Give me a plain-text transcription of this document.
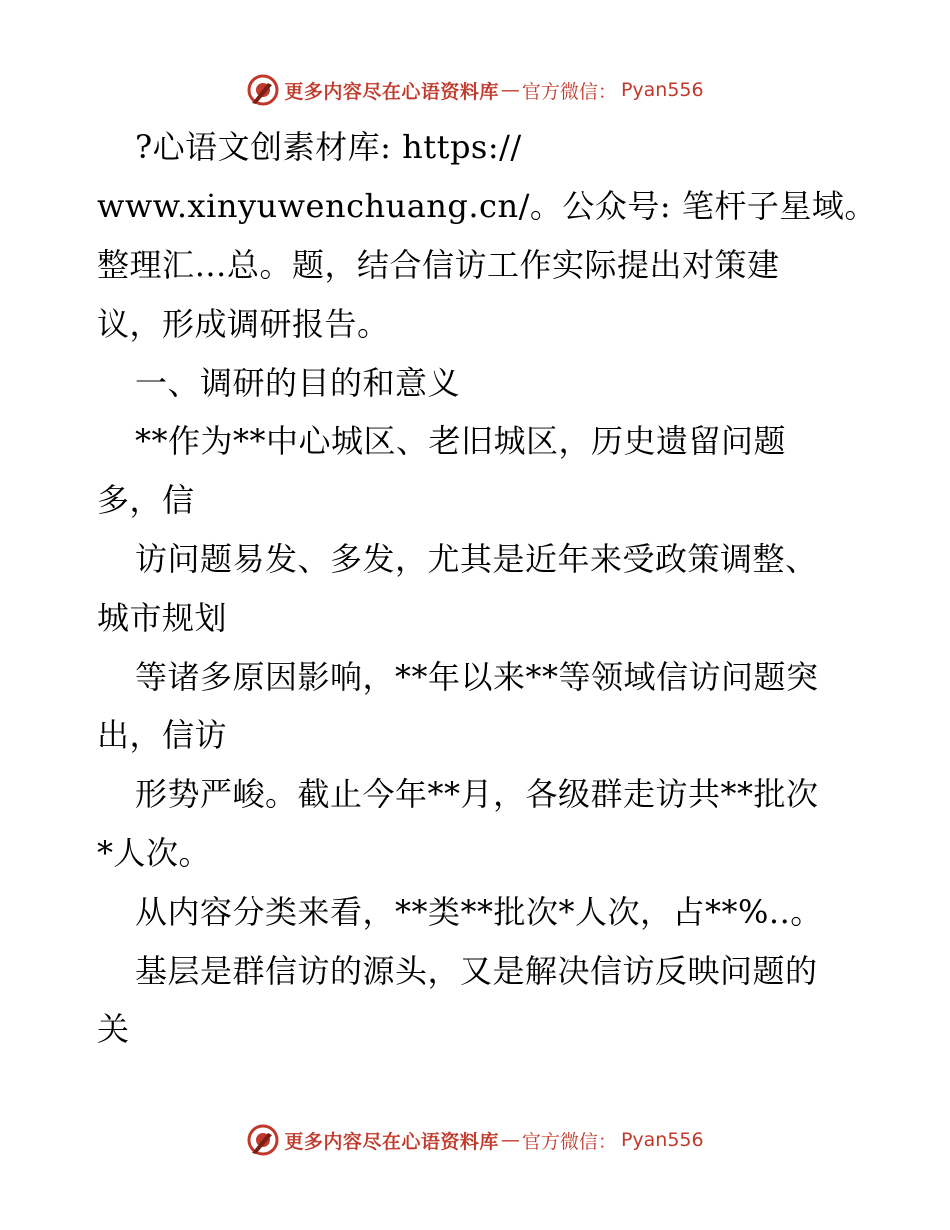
更多内容尽在心语资料库 — 官方微信： Pyan556
?心语文创素材库: https://
www.xinyuwenchuang.cn/。公众号: 笔杆子星域。
整理汇…总。题，结合信访工作实际提出对策建
议，形成调研报告。
一、调研的目的和意义
**作为**中心城区、老旧城区，历史遗留问题
多，信
访问题易发、多发，尤其是近年来受政策调整、
城市规划
等诸多原因影响，**年以来**等领域信访问题突
出，信访
形势严峻。截止今年**月，各级群走访共**批次
*人次。
从内容分类来看，**类**批次*人次，占**%..。
基层是群信访的源头，又是解决信访反映问题的
关
更多内容尽在心语资料库 — 官方微信： Pyan556
